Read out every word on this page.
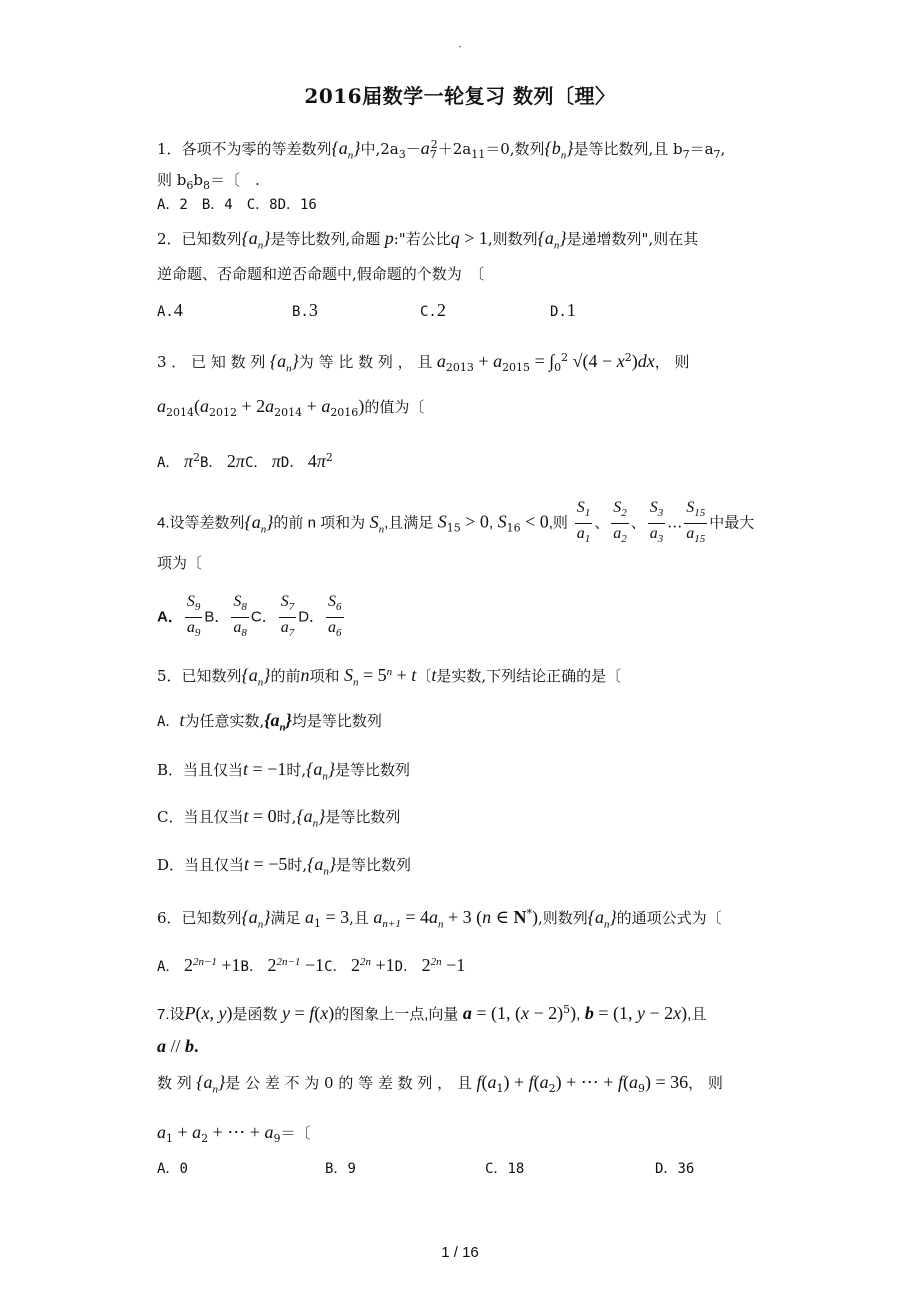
·
2016届数学一轮复习 数列〔理〉
1．各项不为零的等差数列$\{a_n\}$中$,2a_3-a_7^2+2a_{11}=0$,数列$\{b_n\}$是等比数列,且 $b_7=a_7$,
则 $b_6b_8=$〔　.
A．2　B．4　C．8D．16
2．已知数列$\{a_n\}$是等比数列,命题 p:"若公比q > 1,则数列$\{a_n\}$是递增数列",则在其
逆命题、否命题和逆否命题中,假命题的个数为　〔
A.4	B.3	C.2	D.1
3 ． 已 知 数 列 $\{a_n\}$为 等 比 数 列 ， 且 $a_{2013} + a_{2015} = \int_0^2$ $√(4 - x^2)dx$， 则
$a_{2014}(a_{2012} + 2a_{2014} + a_{2016})$的值为〔
A． $\pi^2B$． 2πC． πD． $4\pi^2$
4.设等差数列$\{a_n\}$的前 n 项和为 $S_n$,且满足 $S_{15} > 0$, $S_{16} < 0$,则 $\frac{S_1}{a_1}$ 、 $\frac{S_2}{a_2}$ 、 $\frac{S_3}{a_3}$ … $\frac{S_{15}}{a_{15}}$ 中最大
项为〔
A． $\frac{S_9}{a_9}$ B． $\frac{S_8}{a_8}$ C． $\frac{S_7}{a_7}$ D． $\frac{S_6}{a_6}$
5．已知数列$\{a_n\}$的前n项和 $S_n = 5^n + t$〔t是实数,下列结论正确的是〔
A．t为任意实数$,\{a_n\}$均是等比数列
B．当且仅当t = −1时$,\{a_n\}$是等比数列
C．当且仅当t = 0时$,\{a_n\}$是等比数列
D．当且仅当t = −5时$,\{a_n\}$是等比数列
6．已知数列$\{a_n\}$满足 $a_1 = 3$,且 $a_{n+1} = 4a_n + 3$ (n ∈ N*),则数列$\{a_n\}$的通项公式为〔
A． $2^{2n-1} +1B$． $2^{2n-1} -1C$． $2^{2n} +1D$． $2^{2n} -1$
7.设P(x, y)是函数 y = f(x)的图象上一点,向量 a = (1, $(x - 2)^5$), b = (1, y − 2x),且
a // b.
数 列 $\{a_n\}$是 公 差 不 为 0 的 等 差 数 列 ， 且 $f(a_1) + f(a_2)$ + ⋯ + $f(a_9) = 36$， 则
$a_1 + a_2$ + ⋯ + $a_9=$〔
A．0	B．9	C．18	D．36
1 / 16
